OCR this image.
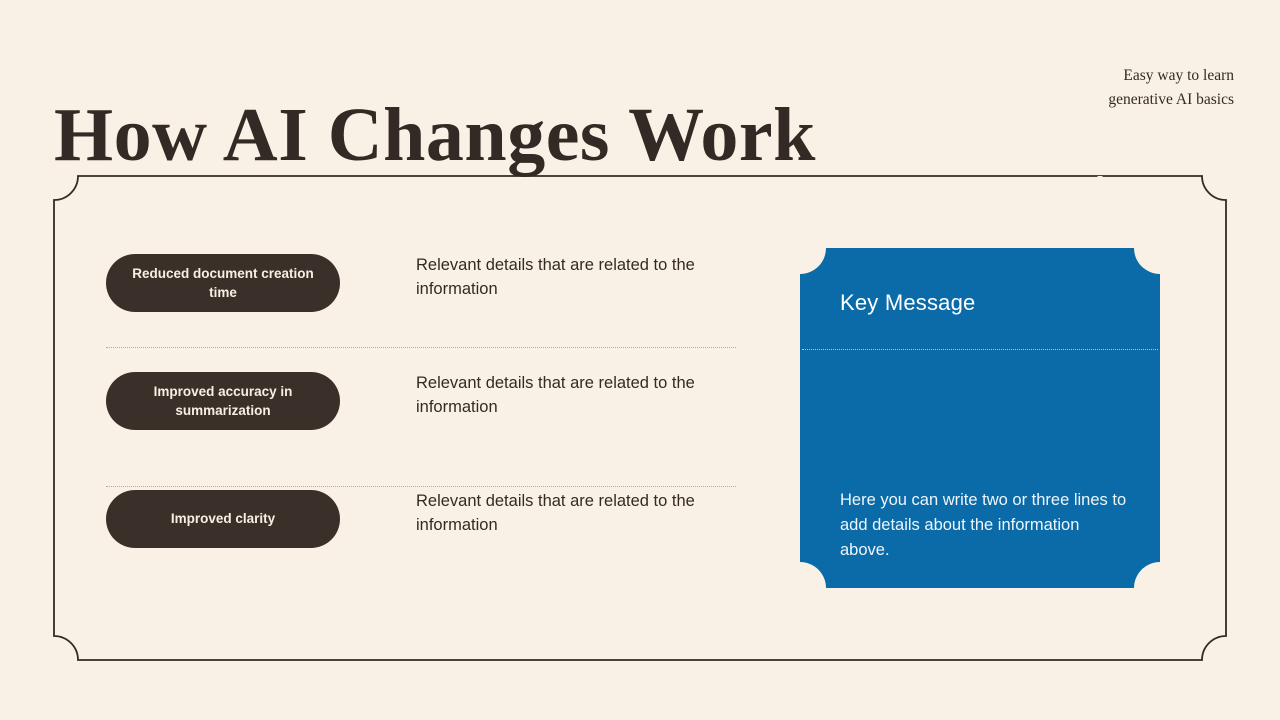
How AI Changes Work
Easy way to learn
generative AI basics
Reduced document creation time
Relevant details that are related to the information
Improved accuracy in summarization
Relevant details that are related to the information
Improved clarity
Relevant details that are related to the information
Key Message
Here you can write two or three lines to add details about the information above.
